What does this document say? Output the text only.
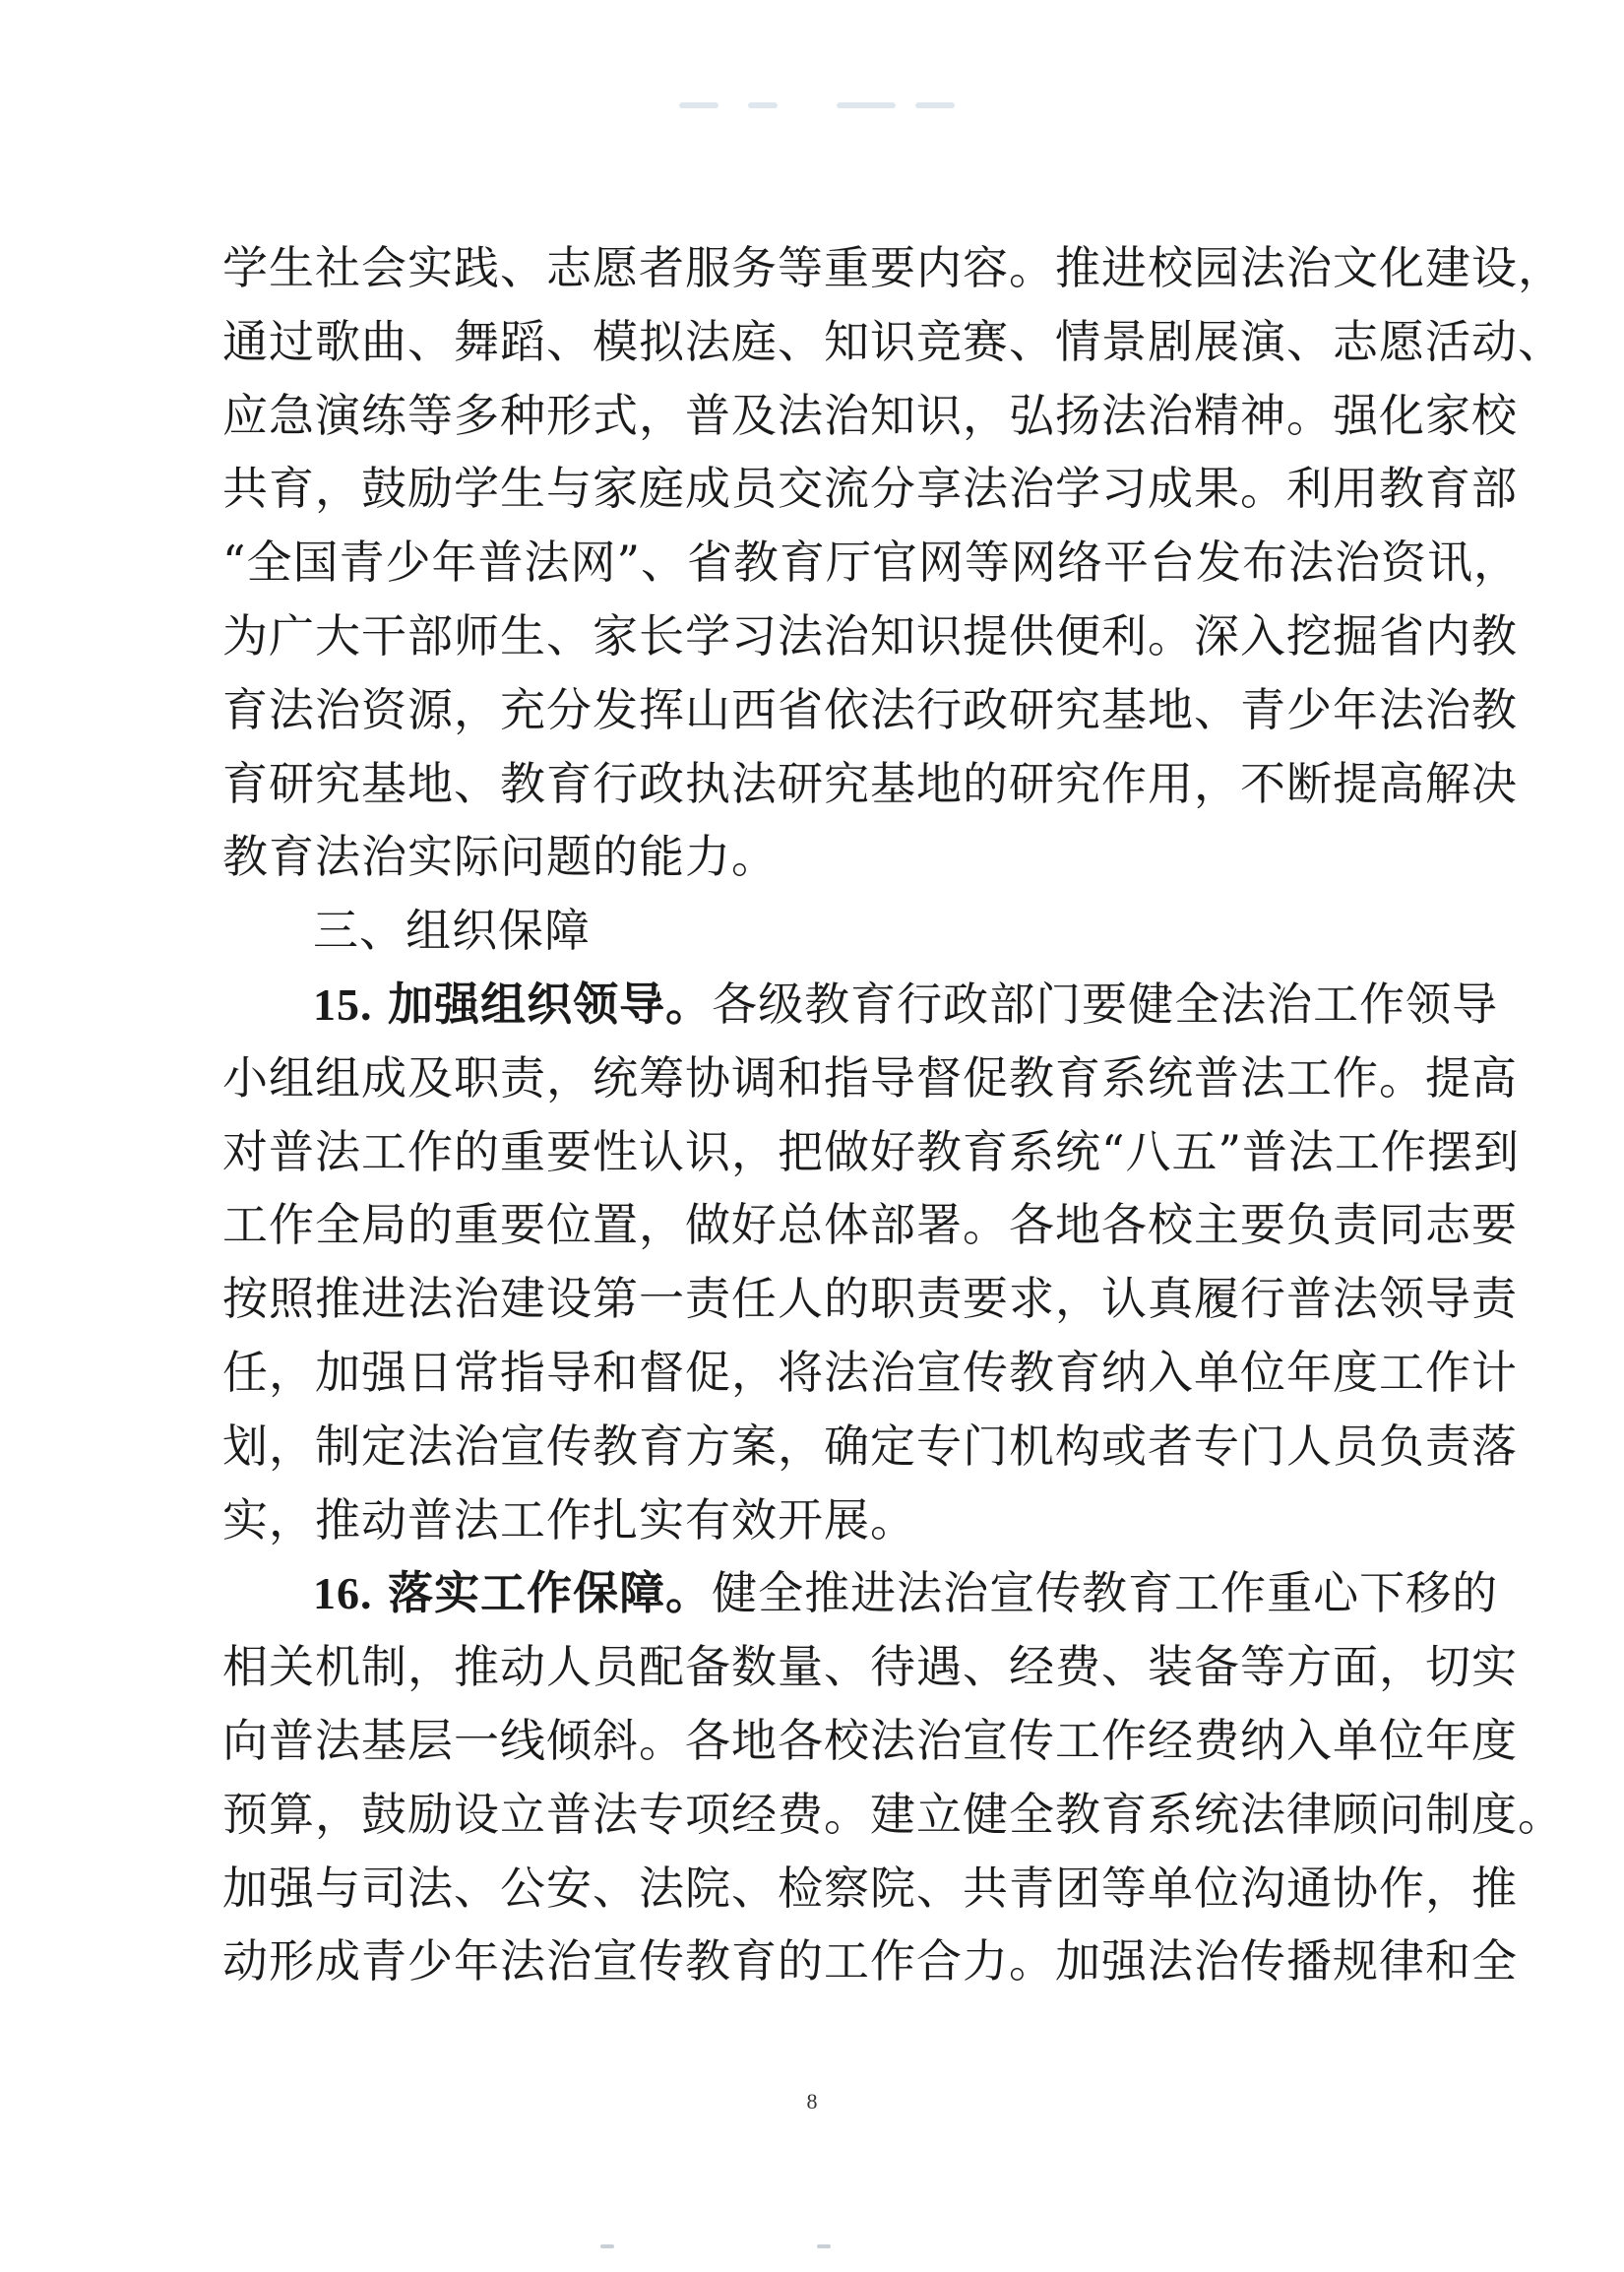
学生社会实践、志愿者服务等重要内容。推进校园法治文化建设，
通过歌曲、舞蹈、模拟法庭、知识竞赛、情景剧展演、志愿活动、
应急演练等多种形式，普及法治知识，弘扬法治精神。强化家校
共育，鼓励学生与家庭成员交流分享法治学习成果。利用教育部
“全国青少年普法网”、省教育厅官网等网络平台发布法治资讯，
为广大干部师生、家长学习法治知识提供便利。深入挖掘省内教
育法治资源，充分发挥山西省依法行政研究基地、青少年法治教
育研究基地、教育行政执法研究基地的研究作用，不断提高解决
教育法治实际问题的能力。
三、组织保障
15. 加强组织领导。各级教育行政部门要健全法治工作领导
小组组成及职责，统筹协调和指导督促教育系统普法工作。提高
对普法工作的重要性认识，把做好教育系统“八五”普法工作摆到
工作全局的重要位置，做好总体部署。各地各校主要负责同志要
按照推进法治建设第一责任人的职责要求，认真履行普法领导责
任，加强日常指导和督促，将法治宣传教育纳入单位年度工作计
划，制定法治宣传教育方案，确定专门机构或者专门人员负责落
实，推动普法工作扎实有效开展。
16. 落实工作保障。健全推进法治宣传教育工作重心下移的
相关机制，推动人员配备数量、待遇、经费、装备等方面，切实
向普法基层一线倾斜。各地各校法治宣传工作经费纳入单位年度
预算，鼓励设立普法专项经费。建立健全教育系统法律顾问制度。
加强与司法、公安、法院、检察院、共青团等单位沟通协作，推
动形成青少年法治宣传教育的工作合力。加强法治传播规律和全
8
